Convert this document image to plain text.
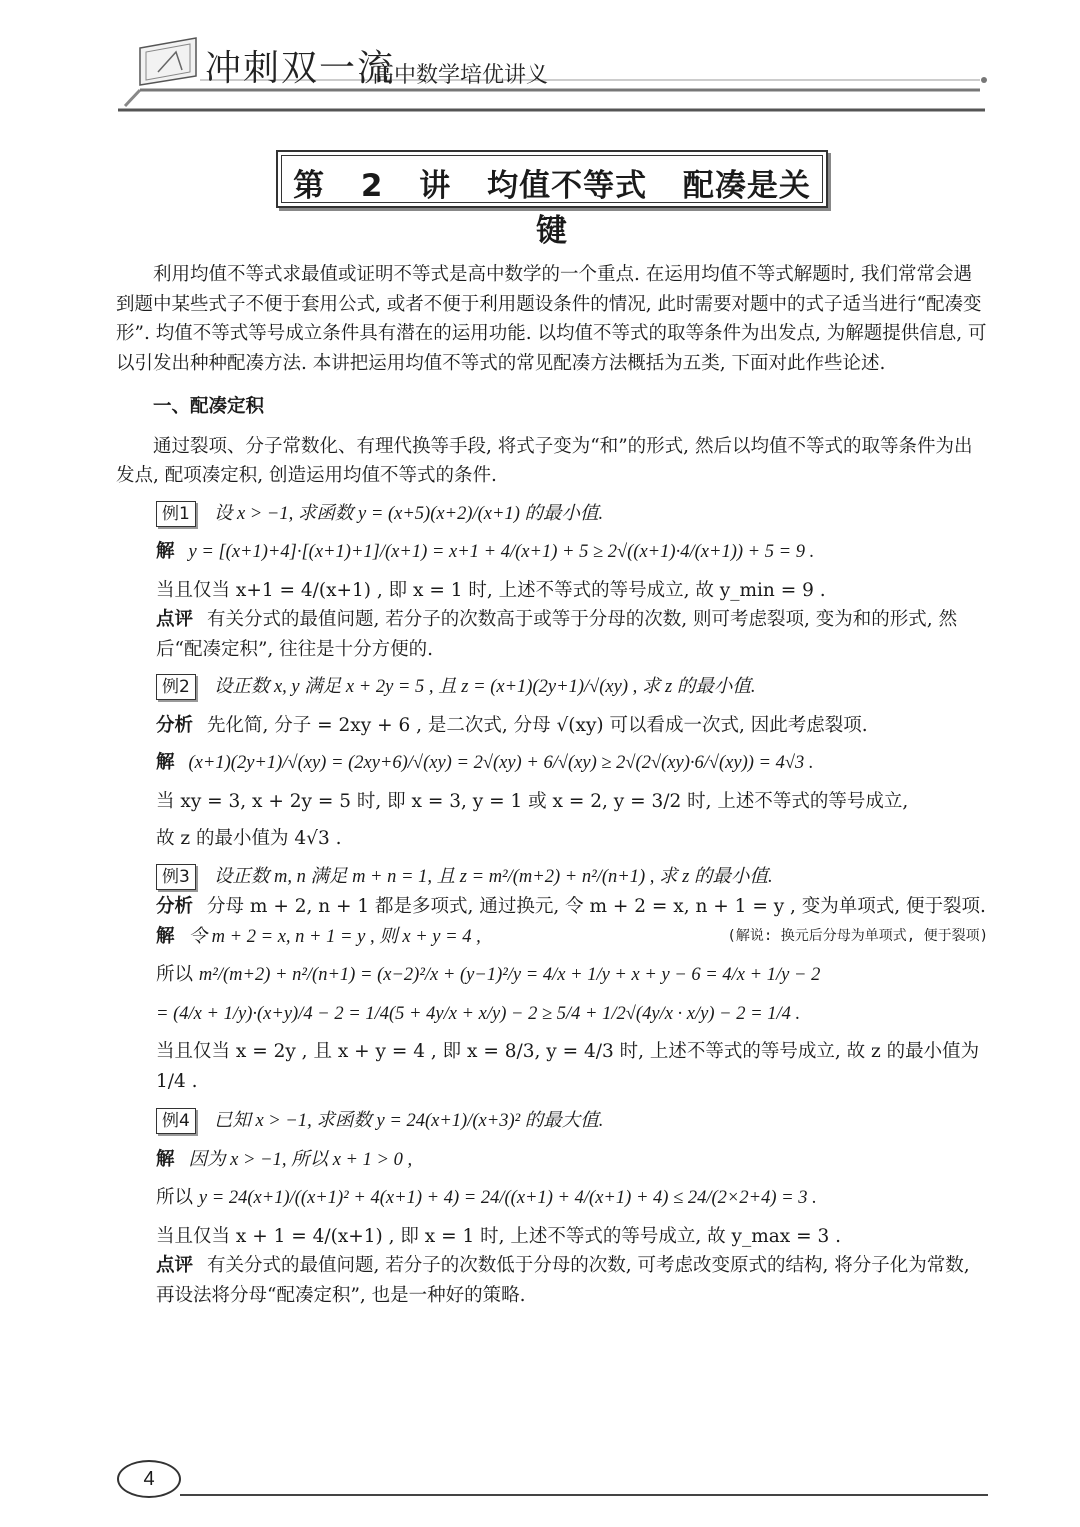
冲刺双一流
高中数学培优讲义
第 2 讲 均值不等式 配凑是关键

利用均值不等式求最值或证明不等式是高中数学的一个重点. 在运用均值不等式解题时, 我们常常会遇到题中某些式子不便于套用公式, 或者不便于利用题设条件的情况, 此时需要对题中的式子适当进行“配凑变形”. 均值不等式等号成立条件具有潜在的运用功能. 以均值不等式的取等条件为出发点, 为解题提供信息, 可以引发出种种配凑方法. 本讲把运用均值不等式的常见配凑方法概括为五类, 下面对此作些论述.

一、配凑定积

通过裂项、分子常数化、有理代换等手段, 将式子变为“和”的形式, 然后以均值不等式的取等条件为出发点, 配项凑定积, 创造运用均值不等式的条件.

例1 设 x > −1, 求函数 y = (x+5)(x+2)/(x+1) 的最小值.

解 y = [(x+1)+4]·[(x+1)+1]/(x+1) = x+1 + 4/(x+1) + 5 ≥ 2√((x+1)·4/(x+1)) + 5 = 9 .

当且仅当 x+1 = 4/(x+1) , 即 x = 1 时, 上述不等式的等号成立, 故 y_min = 9 .

点评 有关分式的最值问题, 若分子的次数高于或等于分母的次数, 则可考虑裂项, 变为和的形式, 然后“配凑定积”, 往往是十分方便的.

例2 设正数 x, y 满足 x + 2y = 5 , 且 z = (x+1)(2y+1)/√(xy) , 求 z 的最小值.

分析 先化简, 分子 = 2xy + 6 , 是二次式, 分母 √(xy) 可以看成一次式, 因此考虑裂项.

解 (x+1)(2y+1)/√(xy) = (2xy+6)/√(xy) = 2√(xy) + 6/√(xy) ≥ 2√(2√(xy)·6/√(xy)) = 4√3 .

当 xy = 3, x + 2y = 5 时, 即 x = 3, y = 1 或 x = 2, y = 3/2 时, 上述不等式的等号成立,

故 z 的最小值为 4√3 .

例3 设正数 m, n 满足 m + n = 1, 且 z = m²/(m+2) + n²/(n+1) , 求 z 的最小值.

分析 分母 m + 2, n + 1 都是多项式, 通过换元, 令 m + 2 = x, n + 1 = y , 变为单项式, 便于裂项.

解 令 m + 2 = x, n + 1 = y , 则 x + y = 4 ,	(解说: 换元后分母为单项式, 便于裂项)

所以 m²/(m+2) + n²/(n+1) = (x−2)²/x + (y−1)²/y = 4/x + 1/y + x + y − 6 = 4/x + 1/y − 2

= (4/x + 1/y)·(x+y)/4 − 2 = 1/4(5 + 4y/x + x/y) − 2 ≥ 5/4 + 1/2√(4y/x · x/y) − 2 = 1/4 .

当且仅当 x = 2y , 且 x + y = 4 , 即 x = 8/3, y = 4/3 时, 上述不等式的等号成立, 故 z 的最小值为 1/4 .

例4 已知 x > −1, 求函数 y = 24(x+1)/(x+3)² 的最大值.

解 因为 x > −1, 所以 x + 1 > 0 ,

所以 y = 24(x+1)/((x+1)² + 4(x+1) + 4) = 24/((x+1) + 4/(x+1) + 4) ≤ 24/(2×2+4) = 3 .

当且仅当 x + 1 = 4/(x+1) , 即 x = 1 时, 上述不等式的等号成立, 故 y_max = 3 .

点评 有关分式的最值问题, 若分子的次数低于分母的次数, 可考虑改变原式的结构, 将分子化为常数, 再设法将分母“配凑定积”, 也是一种好的策略.

4
